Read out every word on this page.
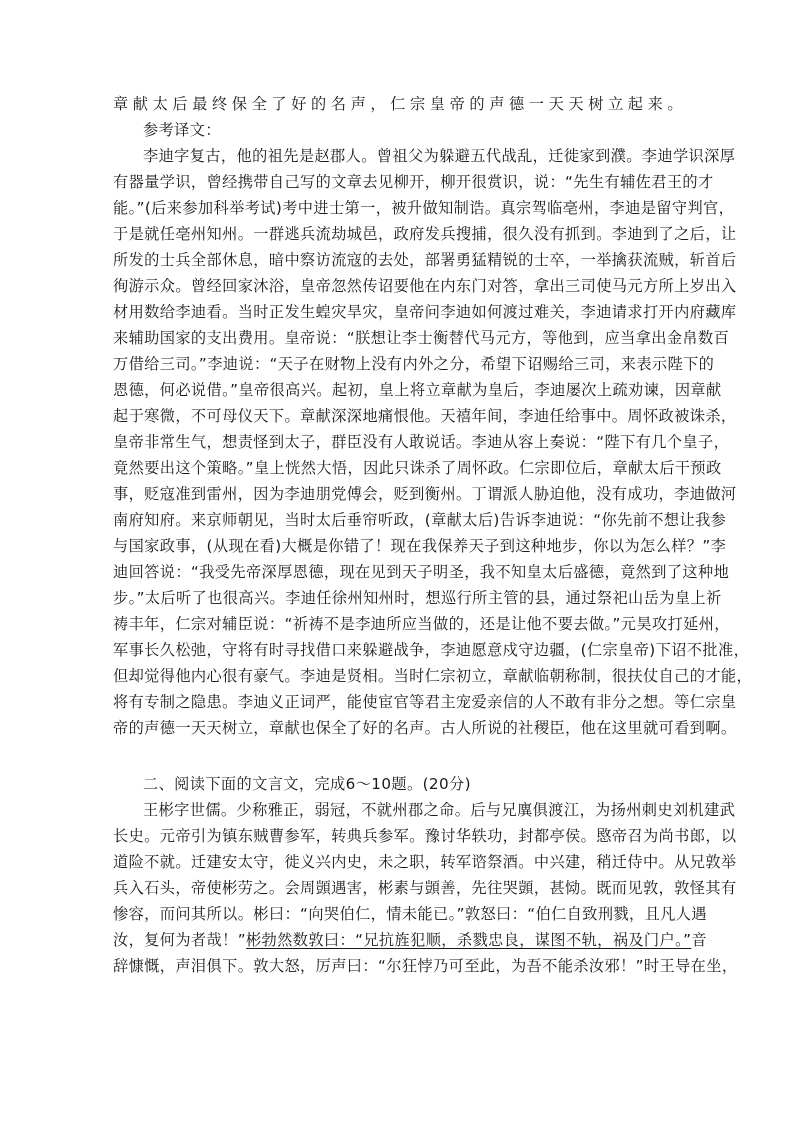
章献太后最终保全了好的名声，仁宗皇帝的声德一天天树立起来。
参考译文：
李迪字复古，他的祖先是赵郡人。曾祖父为躲避五代战乱，迁徙家到濮。李迪学识深厚
有器量学识，曾经携带自己写的文章去见柳开，柳开很赏识，说：“先生有辅佐君王的才
能。”(后来参加科举考试)考中进士第一，被升做知制诰。真宗驾临亳州，李迪是留守判官，
于是就任亳州知州。一群逃兵流劫城邑，政府发兵搜捕，很久没有抓到。李迪到了之后，让
所发的士兵全部休息，暗中察访流寇的去处，部署勇猛精锐的士卒，一举擒获流贼，斩首后
徇游示众。曾经回家沐浴，皇帝忽然传诏要他在内东门对答，拿出三司使马元方所上岁出入
材用数给李迪看。当时正发生蝗灾旱灾，皇帝问李迪如何渡过难关，李迪请求打开内府藏库
来辅助国家的支出费用。皇帝说：“朕想让李士衡替代马元方，等他到，应当拿出金帛数百
万借给三司。”李迪说：“天子在财物上没有内外之分，希望下诏赐给三司，来表示陛下的
恩德，何必说借。”皇帝很高兴。起初，皇上将立章献为皇后，李迪屡次上疏劝谏，因章献
起于寒微，不可母仪天下。章献深深地痛恨他。天禧年间，李迪任给事中。周怀政被诛杀，
皇帝非常生气，想责怪到太子，群臣没有人敢说话。李迪从容上奏说：“陛下有几个皇子，
竟然要出这个策略。”皇上恍然大悟，因此只诛杀了周怀政。仁宗即位后，章献太后干预政
事，贬寇准到雷州，因为李迪朋党傅会，贬到衡州。丁谓派人胁迫他，没有成功，李迪做河
南府知府。来京师朝见，当时太后垂帘听政，(章献太后)告诉李迪说：“你先前不想让我参
与国家政事，(从现在看)大概是你错了！现在我保养天子到这种地步，你以为怎么样？”李
迪回答说：“我受先帝深厚恩德，现在见到天子明圣，我不知皇太后盛德，竟然到了这种地
步。”太后听了也很高兴。李迪任徐州知州时，想巡行所主管的县，通过祭祀山岳为皇上祈
祷丰年，仁宗对辅臣说：“祈祷不是李迪所应当做的，还是让他不要去做。”元昊攻打延州，
军事长久松弛，守将有时寻找借口来躲避战争，李迪愿意戍守边疆，(仁宗皇帝)下诏不批准，
但却觉得他内心很有豪气。李迪是贤相。当时仁宗初立，章献临朝称制，很扶仗自己的才能，
将有专制之隐患。李迪义正词严，能使宦官等君主宠爱亲信的人不敢有非分之想。等仁宗皇
帝的声德一天天树立，章献也保全了好的名声。古人所说的社稷臣，他在这里就可看到啊。
二、阅读下面的文言文，完成6～10题。(20分)
王彬字世儒。少称雅正，弱冠，不就州郡之命。后与兄廙俱渡江，为扬州刺史刘机建武
长史。元帝引为镇东贼曹参军，转典兵参军。豫讨华轶功，封都亭侯。愍帝召为尚书郎，以
道险不就。迁建安太守，徙义兴内史，未之职，转军谘祭酒。中兴建，稍迁侍中。从兄敦举
兵入石头，帝使彬劳之。会周顗遇害，彬素与顗善，先往哭顗，甚恸。既而见敦，敦怪其有
惨容，而问其所以。彬曰：“向哭伯仁，情未能已。”敦怒曰：“伯仁自致刑戮，且凡人遇
汝，复何为者哉！”彬勃然数敦曰：“兄抗旌犯顺，杀戮忠良，谋图不轨，祸及门户。”音
辞慷慨，声泪俱下。敦大怒，厉声曰：“尔狂悖乃可至此，为吾不能杀汝邪！”时王导在坐，
